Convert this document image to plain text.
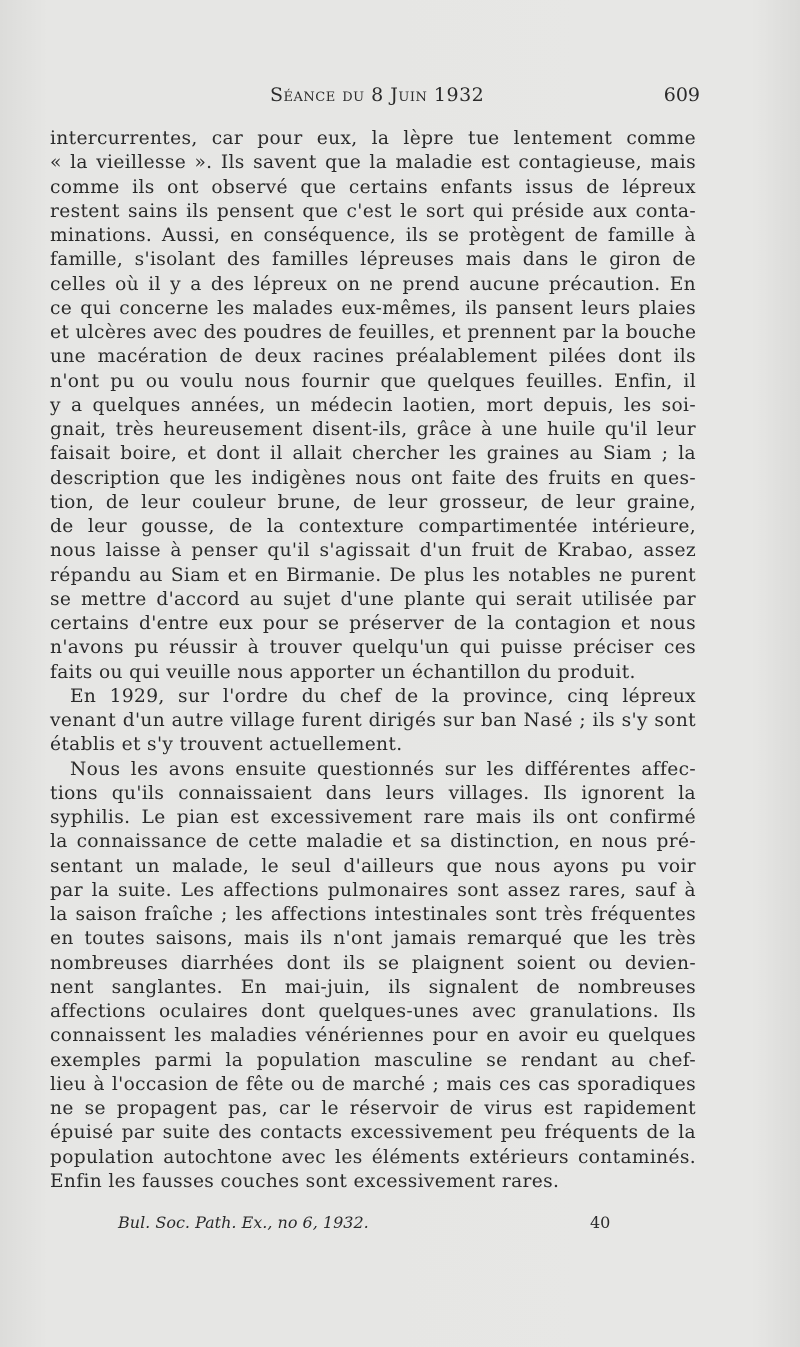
Séance du 8 Juin 1932	609
intercurrentes, car pour eux, la lèpre tue lentement comme
« la vieillesse ». Ils savent que la maladie est contagieuse, mais
comme ils ont observé que certains enfants issus de lépreux
restent sains ils pensent que c'est le sort qui préside aux conta-
minations. Aussi, en conséquence, ils se protègent de famille à
famille, s'isolant des familles lépreuses mais dans le giron de
celles où il y a des lépreux on ne prend aucune précaution. En
ce qui concerne les malades eux-mêmes, ils pansent leurs plaies
et ulcères avec des poudres de feuilles, et prennent par la bouche
une macération de deux racines préalablement pilées dont ils
n'ont pu ou voulu nous fournir que quelques feuilles. Enfin, il
y a quelques années, un médecin laotien, mort depuis, les soi-
gnait, très heureusement disent-ils, grâce à une huile qu'il leur
faisait boire, et dont il allait chercher les graines au Siam ; la
description que les indigènes nous ont faite des fruits en ques-
tion, de leur couleur brune, de leur grosseur, de leur graine,
de leur gousse, de la contexture compartimentée intérieure,
nous laisse à penser qu'il s'agissait d'un fruit de Krabao, assez
répandu au Siam et en Birmanie. De plus les notables ne purent
se mettre d'accord au sujet d'une plante qui serait utilisée par
certains d'entre eux pour se préserver de la contagion et nous
n'avons pu réussir à trouver quelqu'un qui puisse préciser ces
faits ou qui veuille nous apporter un échantillon du produit.
En 1929, sur l'ordre du chef de la province, cinq lépreux
venant d'un autre village furent dirigés sur ban Nasé ; ils s'y sont
établis et s'y trouvent actuellement.
Nous les avons ensuite questionnés sur les différentes affec-
tions qu'ils connaissaient dans leurs villages. Ils ignorent la
syphilis. Le pian est excessivement rare mais ils ont confirmé
la connaissance de cette maladie et sa distinction, en nous pré-
sentant un malade, le seul d'ailleurs que nous ayons pu voir
par la suite. Les affections pulmonaires sont assez rares, sauf à
la saison fraîche ; les affections intestinales sont très fréquentes
en toutes saisons, mais ils n'ont jamais remarqué que les très
nombreuses diarrhées dont ils se plaignent soient ou devien-
nent sanglantes. En mai-juin, ils signalent de nombreuses
affections oculaires dont quelques-unes avec granulations. Ils
connaissent les maladies vénériennes pour en avoir eu quelques
exemples parmi la population masculine se rendant au chef-
lieu à l'occasion de fête ou de marché ; mais ces cas sporadiques
ne se propagent pas, car le réservoir de virus est rapidement
épuisé par suite des contacts excessivement peu fréquents de la
population autochtone avec les éléments extérieurs contaminés.
Enfin les fausses couches sont excessivement rares.
Bul. Soc. Path. Ex., no 6, 1932.	40
